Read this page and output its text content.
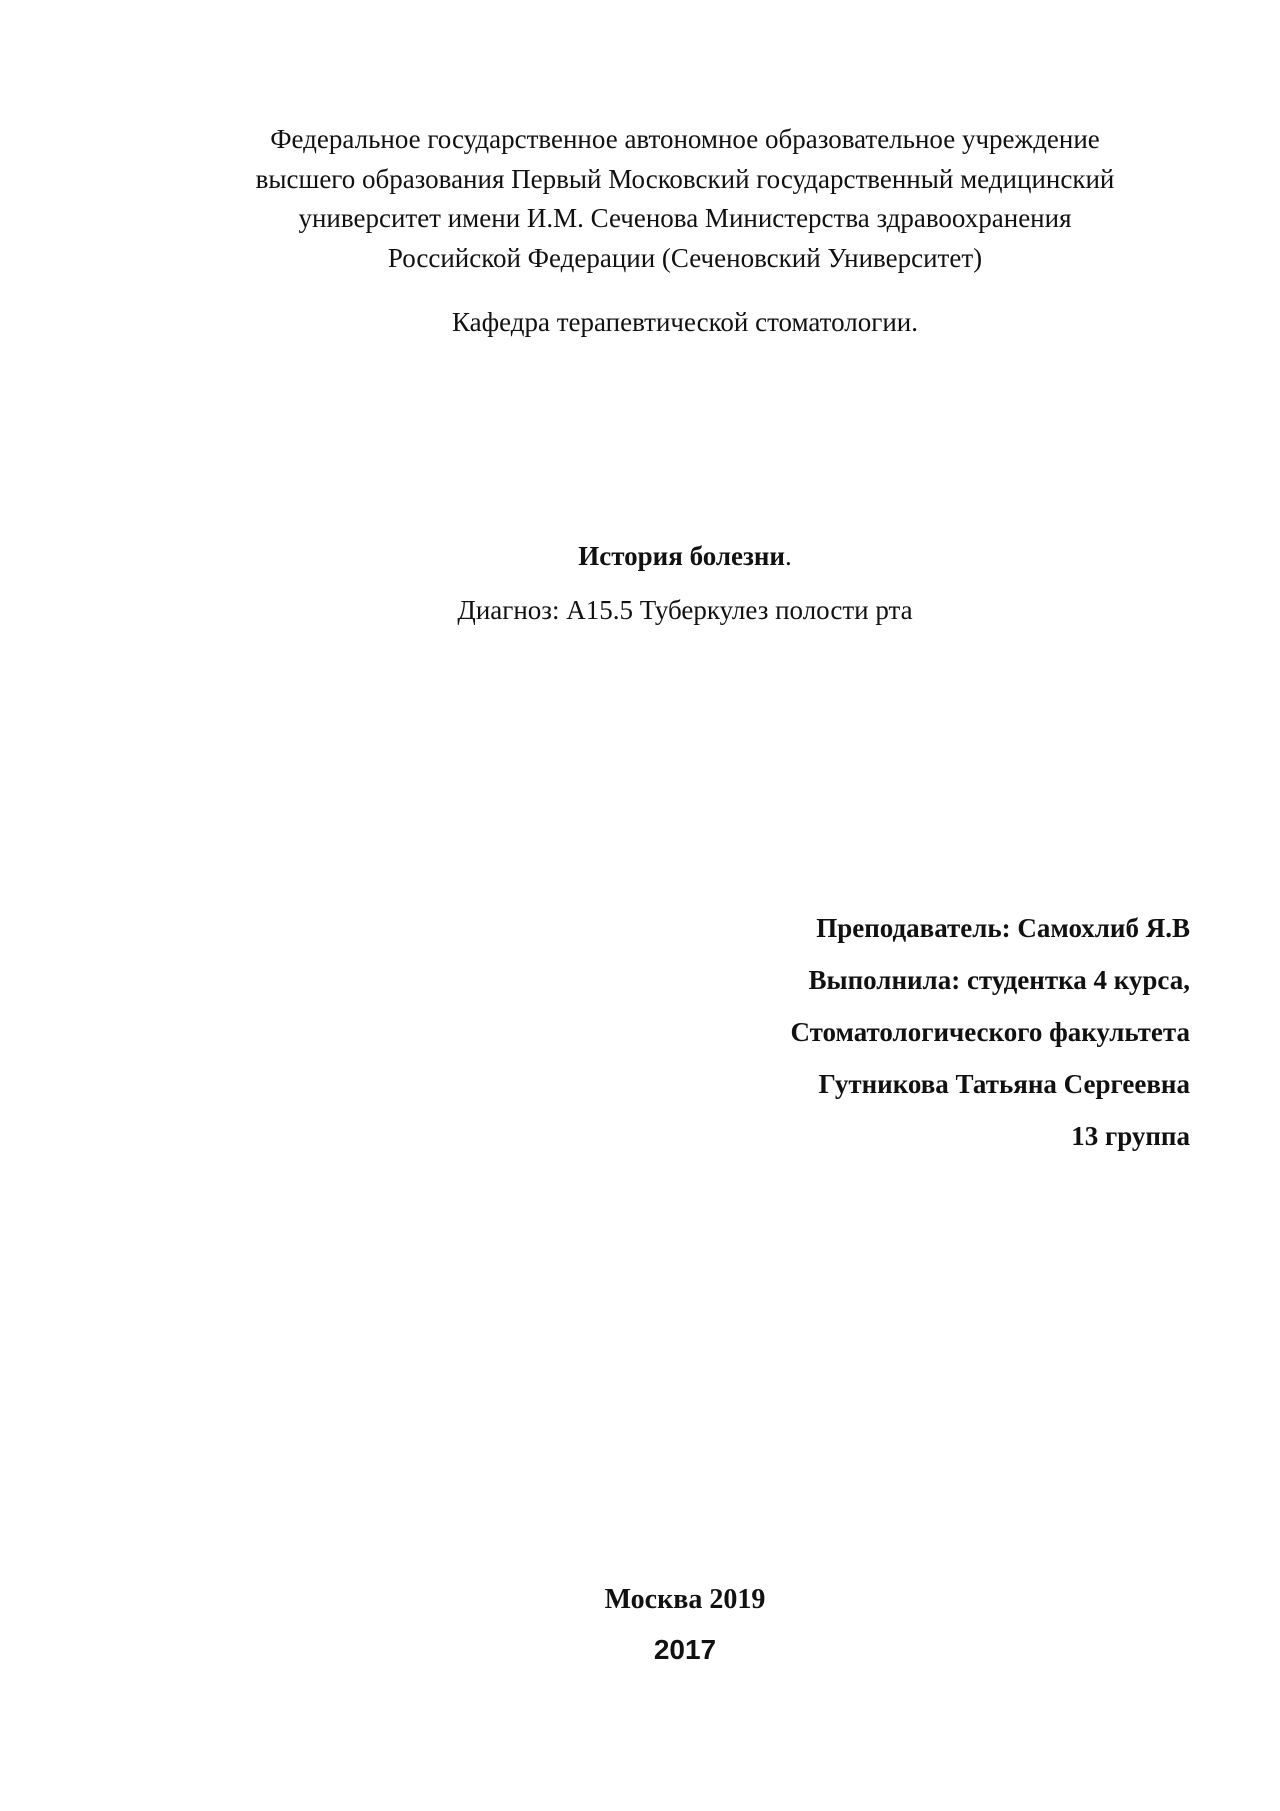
Федеральное государственное автономное образовательное учреждение
высшего образования Первый Московский государственный медицинский
университет имени И.М. Сеченова Министерства здравоохранения
Российской Федерации (Сеченовский Университет)
Кафедра терапевтической стоматологии.
История болезни.
Диагноз: А15.5 Туберкулез полости рта
Преподаватель: Самохлиб Я.В
Выполнила: студентка 4 курса,
Стоматологического факультета
Гутникова Татьяна Сергеевна
13 группа
Москва 2019
2017
